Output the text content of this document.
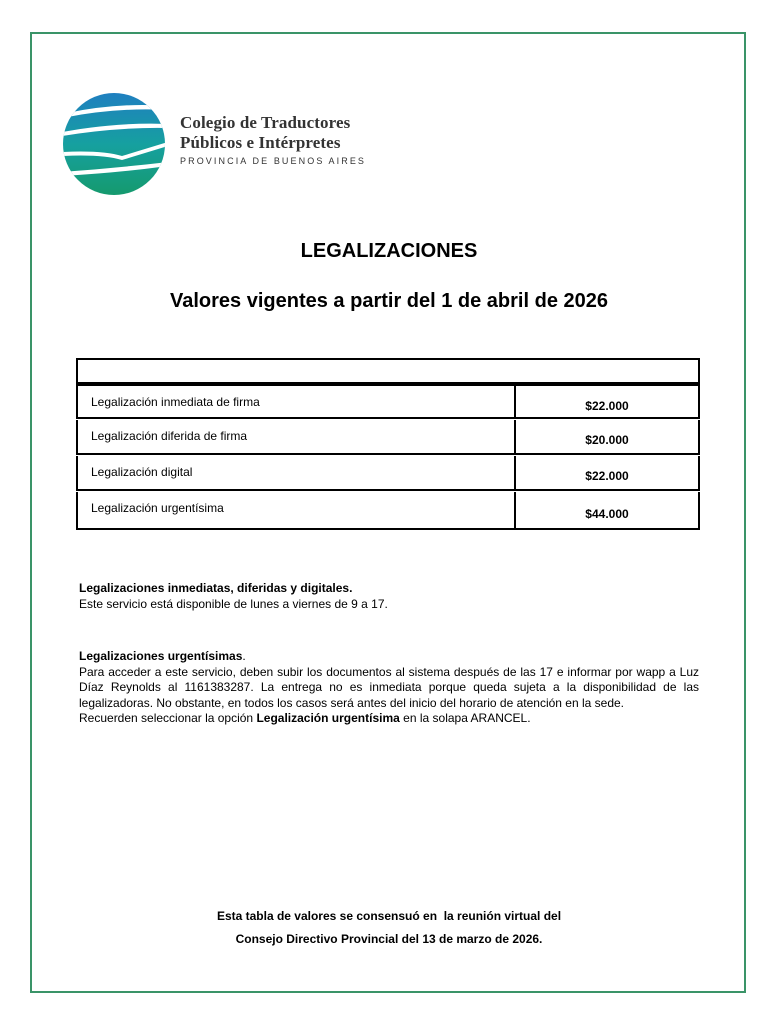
Colegio de Traductores
Públicos e Intérpretes
PROVINCIA DE BUENOS AIRES
LEGALIZACIONES
Valores vigentes a partir del 1 de abril de 2026
Legalización inmediata de firma	$22.000
Legalización diferida de firma	$20.000
Legalización digital	$22.000
Legalización urgentísima	$44.000
Legalizaciones inmediatas, diferidas y digitales.
Este servicio está disponible de lunes a viernes de 9 a 17.
Legalizaciones urgentísimas.
Para acceder a este servicio, deben subir los documentos al sistema después de las 17 e informar por wapp a Luz Díaz Reynolds al 1161383287. La entrega no es inmediata porque queda sujeta a la disponibilidad de las legalizadoras. No obstante, en todos los casos será antes del inicio del horario de atención en la sede.
Recuerden seleccionar la opción Legalización urgentísima en la solapa ARANCEL.
Esta tabla de valores se consensuó en  la reunión virtual del
Consejo Directivo Provincial del 13 de marzo de 2026.
